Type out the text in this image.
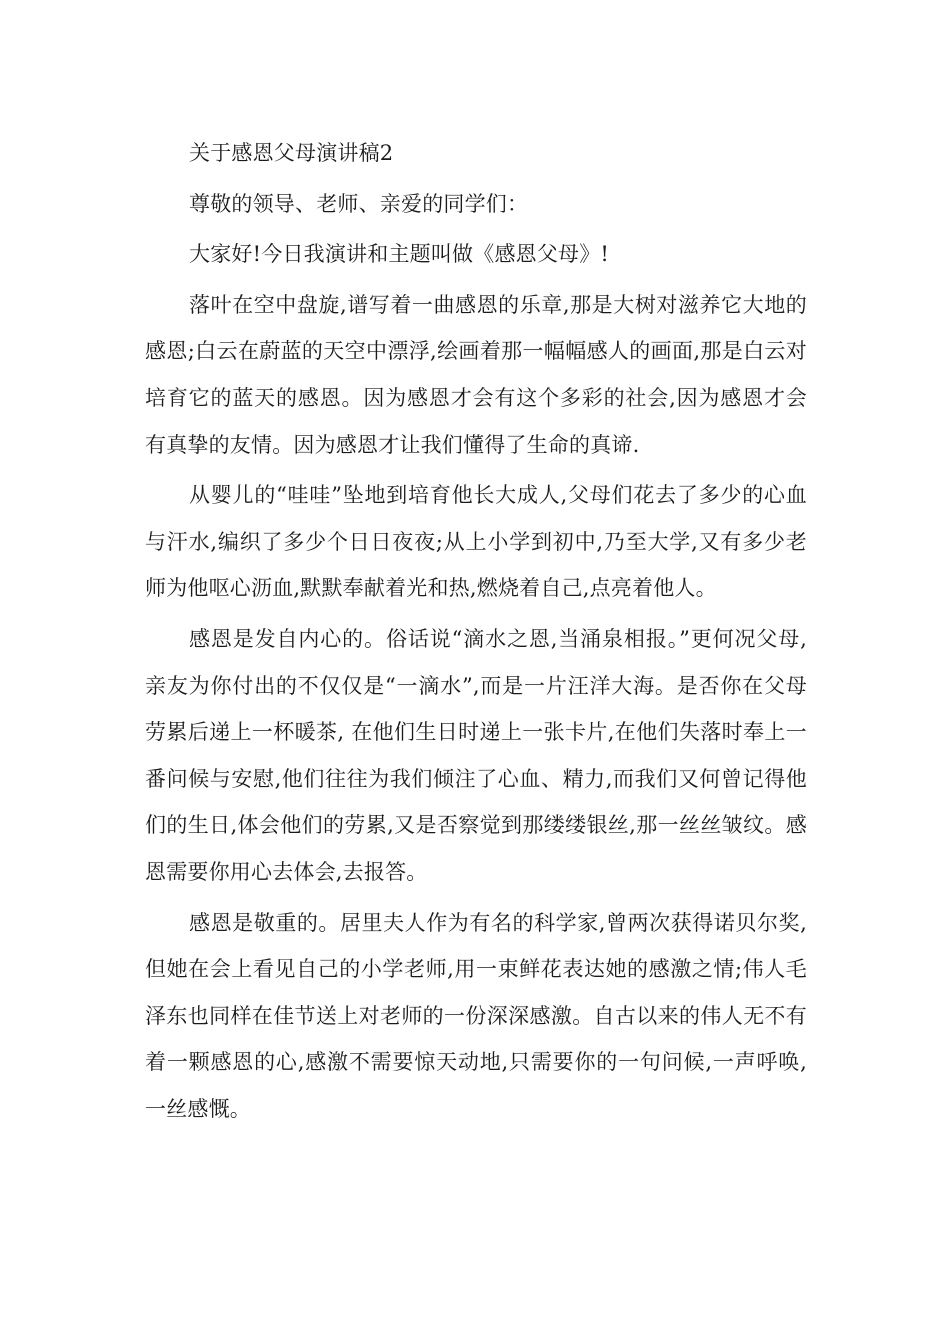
关于感恩父母演讲稿2

尊敬的领导、老师、亲爱的同学们：

大家好!今日我演讲和主题叫做《感恩父母》!

落叶在空中盘旋,谱写着一曲感恩的乐章,那是大树对滋养它大地的感恩;白云在蔚蓝的天空中漂浮,绘画着那一幅幅感人的画面,那是白云对培育它的蓝天的感恩。因为感恩才会有这个多彩的社会,因为感恩才会有真挚的友情。因为感恩才让我们懂得了生命的真谛.

从婴儿的“哇哇”坠地到培育他长大成人,父母们花去了多少的心血与汗水,编织了多少个日日夜夜;从上小学到初中,乃至大学,又有多少老师为他呕心沥血,默默奉献着光和热,燃烧着自己,点亮着他人。

感恩是发自内心的。俗话说“滴水之恩,当涌泉相报。”更何况父母,亲友为你付出的不仅仅是“一滴水”,而是一片汪洋大海。是否你在父母劳累后递上一杯暖茶, 在他们生日时递上一张卡片,在他们失落时奉上一番问候与安慰,他们往往为我们倾注了心血、精力,而我们又何曾记得他们的生日,体会他们的劳累,又是否察觉到那缕缕银丝,那一丝丝皱纹。感恩需要你用心去体会,去报答。

感恩是敬重的。居里夫人作为有名的科学家,曾两次获得诺贝尔奖,但她在会上看见自己的小学老师,用一束鲜花表达她的感激之情;伟人毛泽东也同样在佳节送上对老师的一份深深感激。自古以来的伟人无不有着一颗感恩的心,感激不需要惊天动地,只需要你的一句问候,一声呼唤,一丝感慨。
